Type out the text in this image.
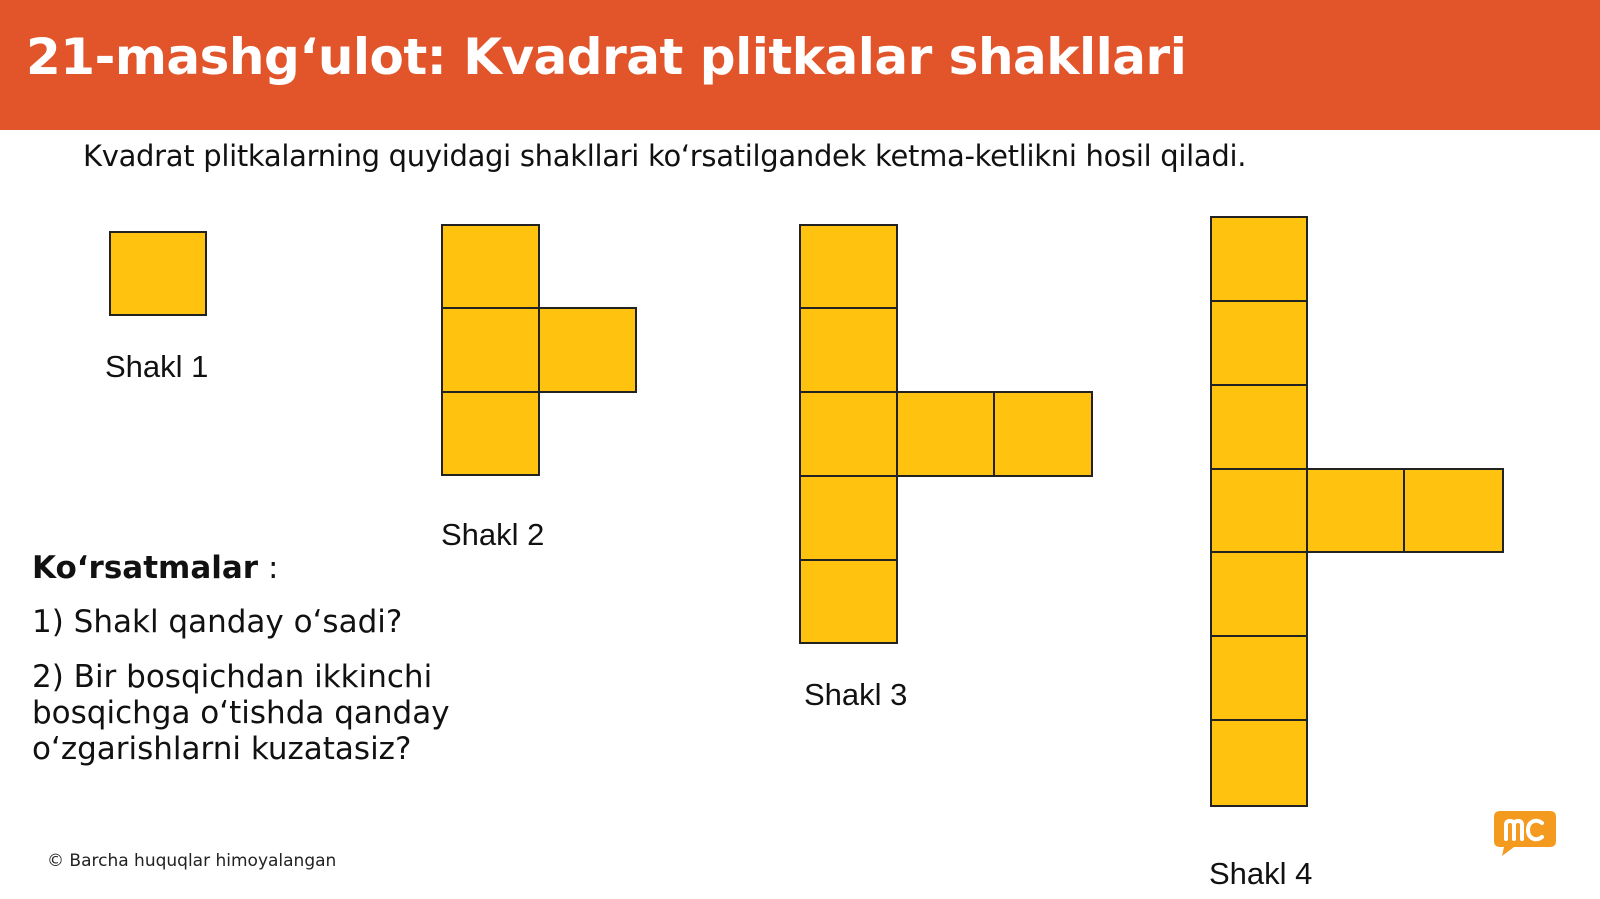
21-mashg‘ulot: Kvadrat plitkalar shakllari

Kvadrat plitkalarning quyidagi shakllari ko‘rsatilgandek ketma-ketlikni hosil qiladi.

Shakl 1
Shakl 2
Shakl 3
Shakl 4

Ko‘rsatmalar :

1) Shakl qanday o‘sadi?

2) Bir bosqichdan ikkinchi bosqichga o‘tishda qanday o‘zgarishlarni kuzatasiz?

© Barcha huquqlar himoyalangan
